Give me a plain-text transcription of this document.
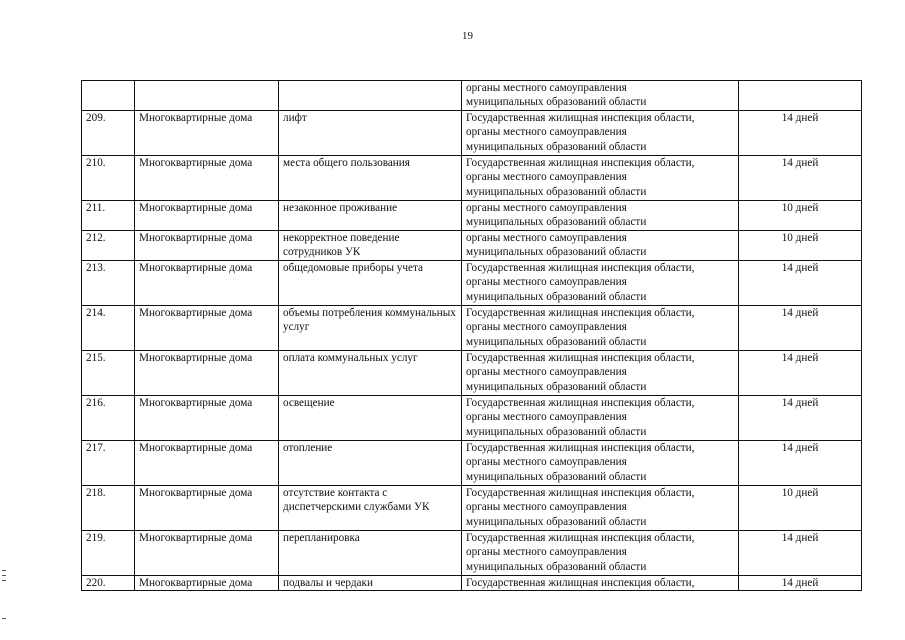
19

			органы местного самоуправления
муниципальных образований области	

209.	Многоквартирные дома	лифт	Государственная жилищная инспекция области,
органы местного самоуправления
муниципальных образований области	14 дней
210.	Многоквартирные дома	места общего пользования	Государственная жилищная инспекция области,
органы местного самоуправления
муниципальных образований области	14 дней
211.	Многоквартирные дома	незаконное проживание	органы местного самоуправления
муниципальных образований области	10 дней
212.	Многоквартирные дома	некорректное поведение сотрудников УК	органы местного самоуправления
муниципальных образований области	10 дней
213.	Многоквартирные дома	общедомовые приборы учета	Государственная жилищная инспекция области,
органы местного самоуправления
муниципальных образований области	14 дней
214.	Многоквартирные дома	объемы потребления коммунальных услуг	Государственная жилищная инспекция области,
органы местного самоуправления
муниципальных образований области	14 дней
215.	Многоквартирные дома	оплата коммунальных услуг	Государственная жилищная инспекция области,
органы местного самоуправления
муниципальных образований области	14 дней
216.	Многоквартирные дома	освещение	Государственная жилищная инспекция области,
органы местного самоуправления
муниципальных образований области	14 дней
217.	Многоквартирные дома	отопление	Государственная жилищная инспекция области,
органы местного самоуправления
муниципальных образований области	14 дней
218.	Многоквартирные дома	отсутствие контакта с диспетчерскими службами УК	Государственная жилищная инспекция области,
органы местного самоуправления
муниципальных образований области	10 дней
219.	Многоквартирные дома	перепланировка	Государственная жилищная инспекция области,
органы местного самоуправления
муниципальных образований области	14 дней
220.	Многоквартирные дома	подвалы и чердаки	Государственная жилищная инспекция области,	14 дней
